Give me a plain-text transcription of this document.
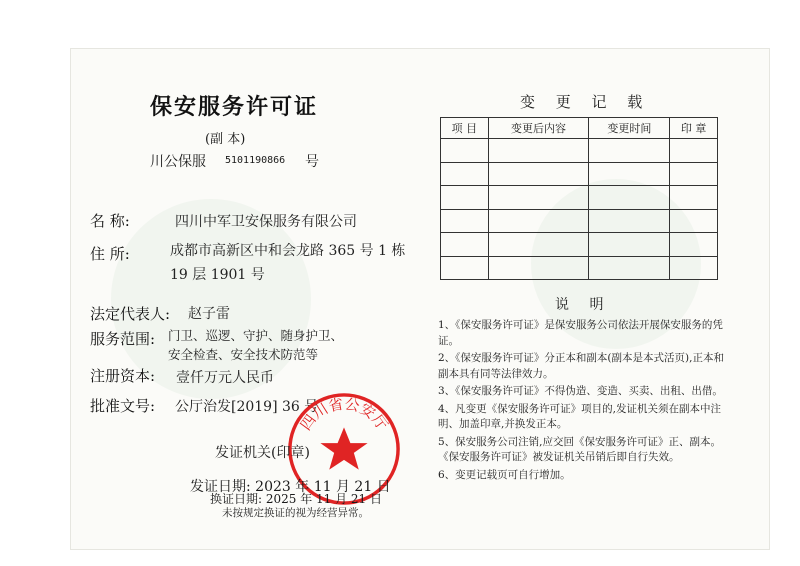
保安服务许可证
(副 本)
川公保服 5101190866 号
名 称:	四川中军卫安保服务有限公司
住 所:	成都市高新区中和会龙路 365 号 1 栋
19 层 1901 号
法定代表人: 赵子雷
服务范围: 门卫、巡逻、守护、随身护卫、
安全检查、安全技术防范等
注册资本: 壹仟万元人民币
批准文号: 公厅治发[2019] 36 号
四川省公安厅
发证机关(印章)
发证日期: 2023 年 11 月 21 日
换证日期: 2025 年 11 月 21 日
未按规定换证的视为经营异常。
变 更 记 载
项 目	变更后内容	变更时间	印 章

说 明

1、《保安服务许可证》是保安服务公司依法开展保安服务的凭证。

2、《保安服务许可证》分正本和副本(副本是本式活页),正本和副本具有同等法律效力。

3、《保安服务许可证》不得伪造、变造、买卖、出租、出借。

4、凡变更《保安服务许可证》项目的,发证机关须在副本中注明、加盖印章,并换发正本。

5、保安服务公司注销,应交回《保安服务许可证》正、副本。《保安服务许可证》被发证机关吊销后即自行失效。

6、变更记载页可自行增加。
